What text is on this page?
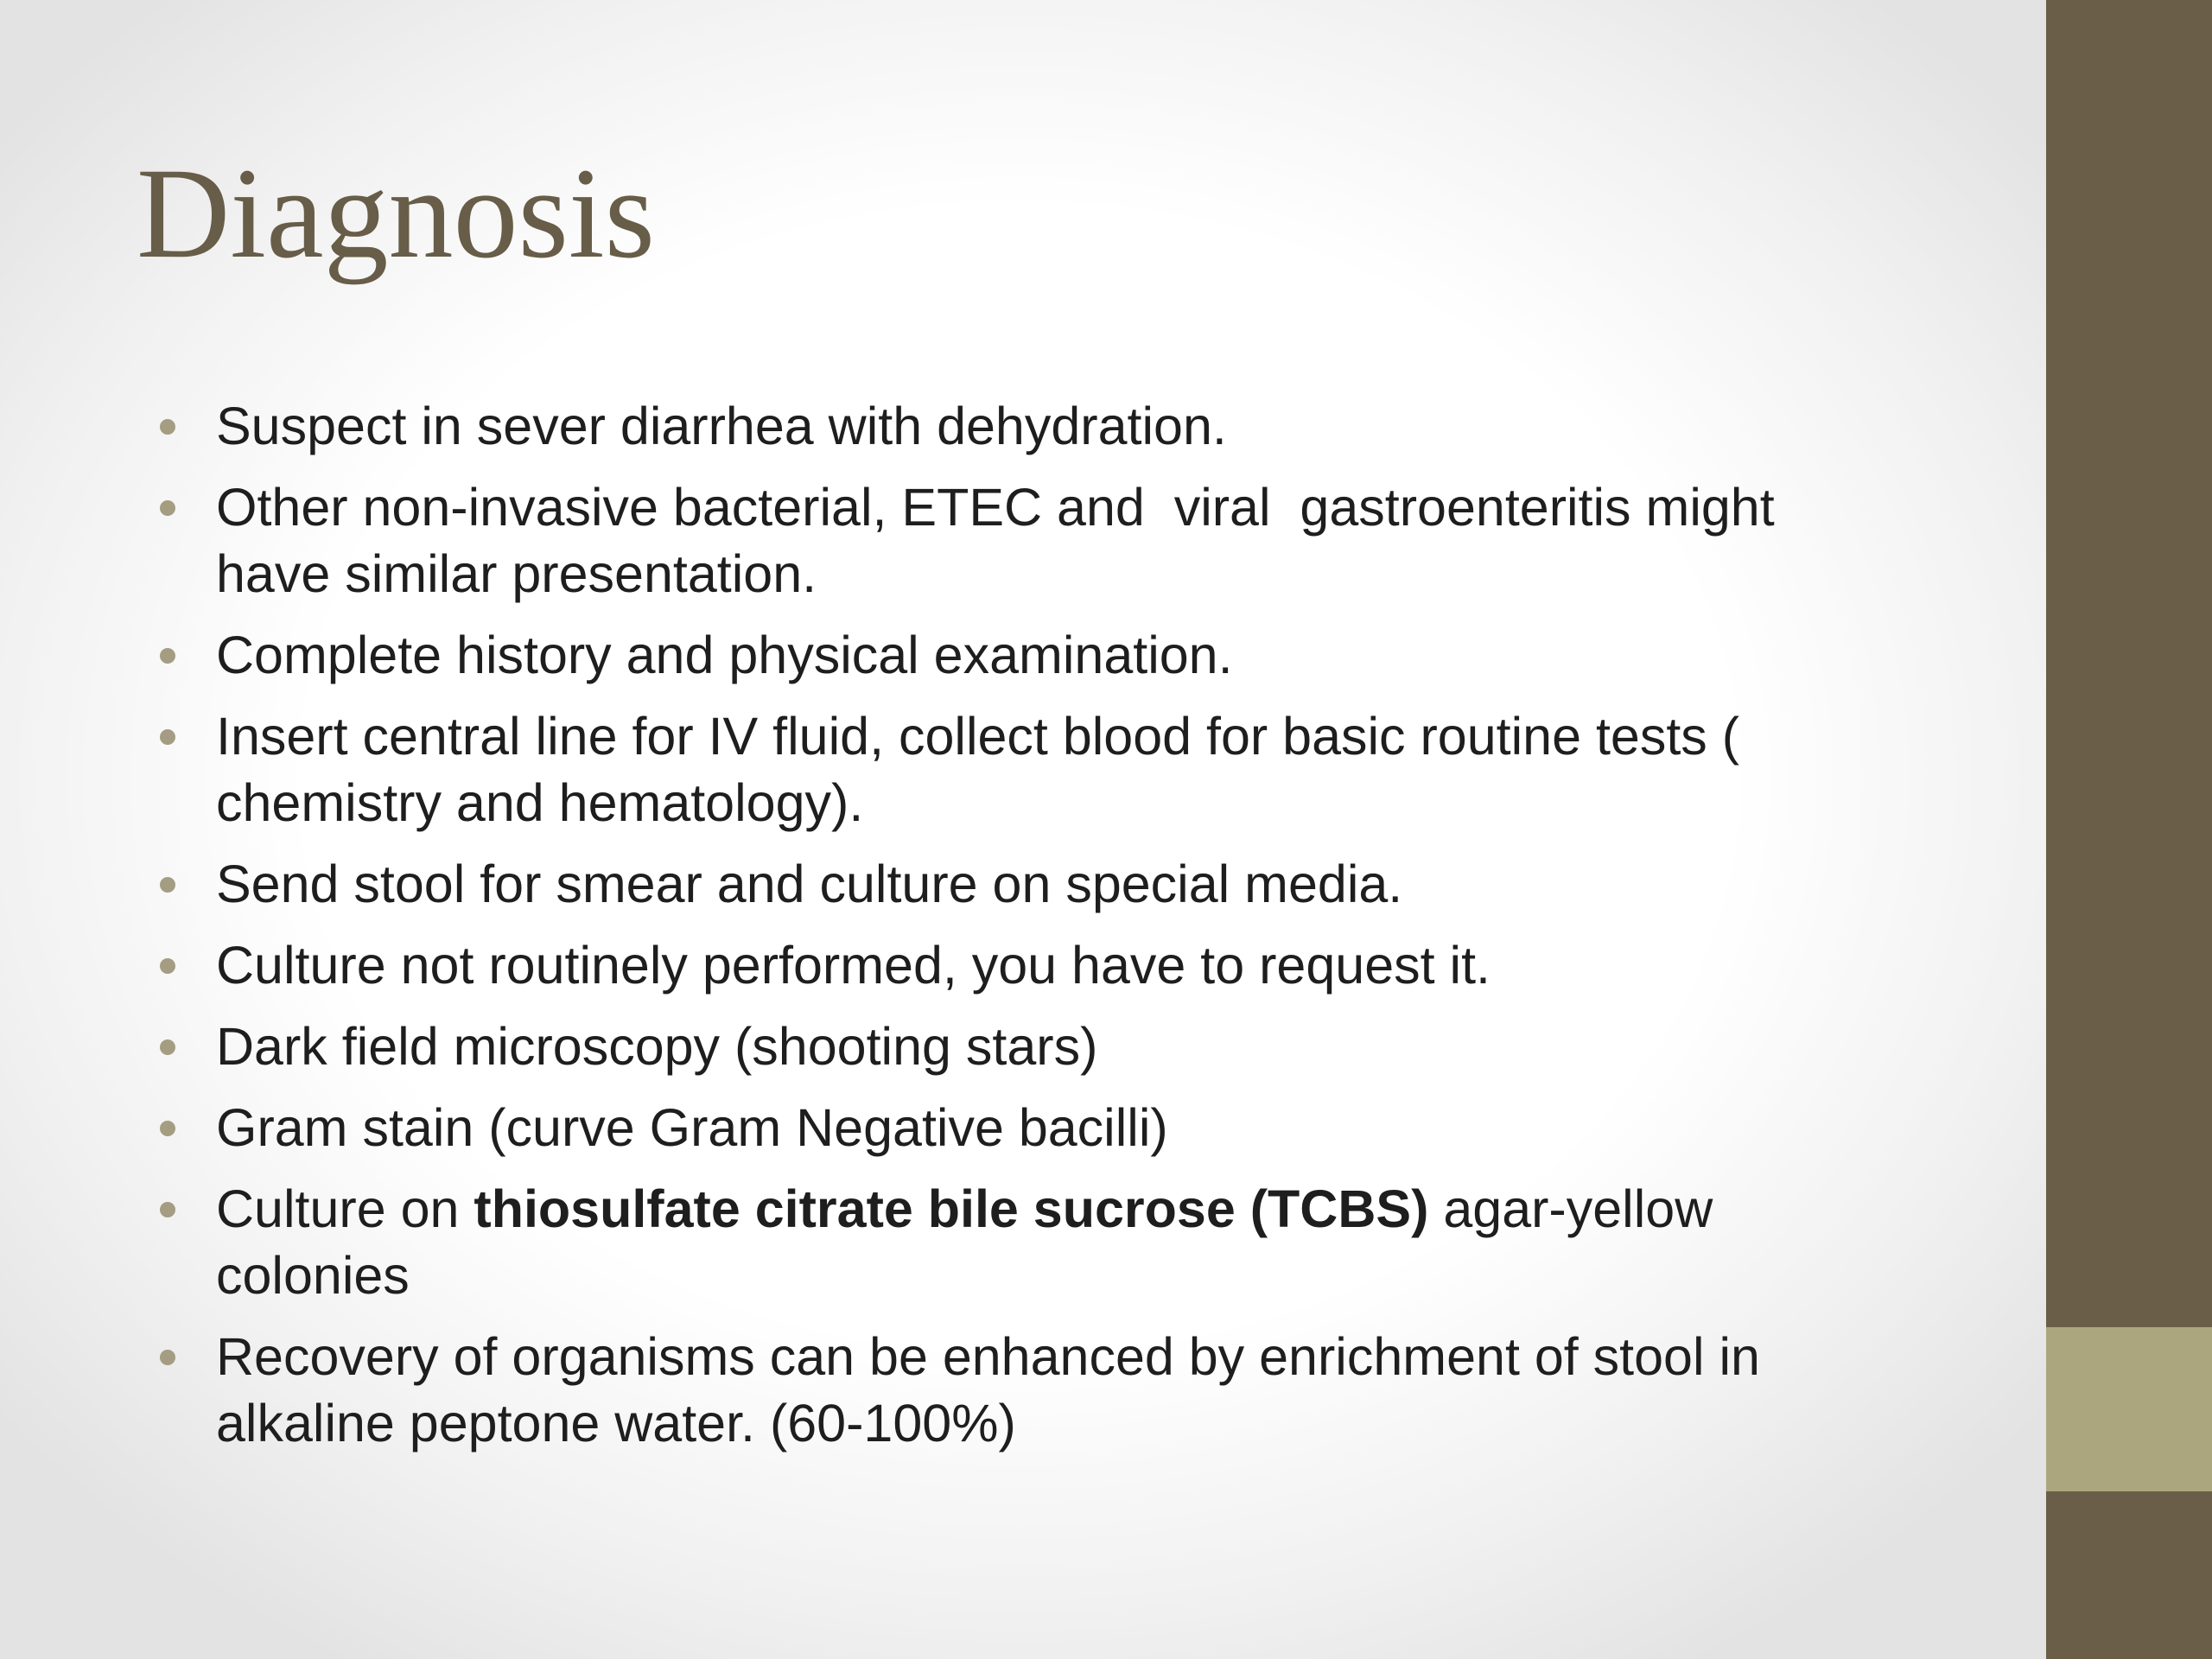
Diagnosis
Suspect in sever diarrhea with dehydration.
Other non-invasive bacterial, ETEC and  viral  gastroenteritis might have similar presentation.
Complete history and physical examination.
Insert central line for IV fluid, collect blood for basic routine tests ( chemistry and hematology).
Send stool for smear and culture on special media.
Culture not routinely performed, you have to request it.
Dark field microscopy (shooting stars)
Gram stain (curve Gram Negative bacilli)
Culture on thiosulfate citrate bile sucrose (TCBS) agar-yellow colonies
Recovery of organisms can be enhanced by enrichment of stool in alkaline peptone water. (60-100%)
